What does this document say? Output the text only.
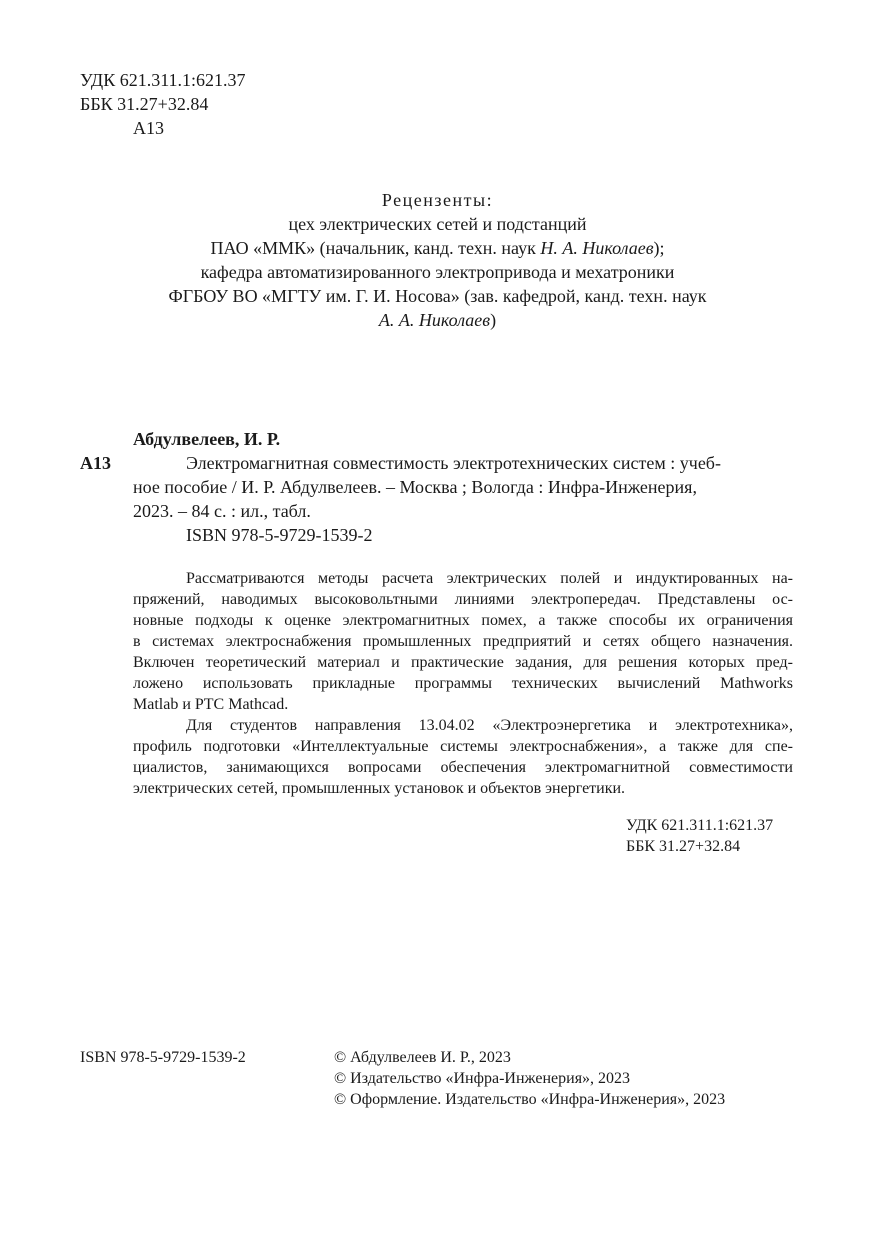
УДК 621.311.1:621.37
ББК 31.27+32.84
А13
Рецензенты:
цех электрических сетей и подстанций
ПАО «ММК» (начальник, канд. техн. наук Н. А. Николаев);
кафедра автоматизированного электропривода и мехатроники
ФГБОУ ВО «МГТУ им. Г. И. Носова» (зав. кафедрой, канд. техн. наук
А. А. Николаев)
Абдулвелеев, И. Р.
А13	Электромагнитная совместимость электротехнических систем : учеб-
ное пособие / И. Р. Абдулвелеев. – Москва ; Вологда : Инфра-Инженерия,
2023. – 84 с. : ил., табл.
ISBN 978-5-9729-1539-2
Рассматриваются методы расчета электрических полей и индуктированных на-
пряжений, наводимых высоковольтными линиями электропередач. Представлены ос-
новные подходы к оценке электромагнитных помех, а также способы их ограничения
в системах электроснабжения промышленных предприятий и сетях общего назначения.
Включен теоретический материал и практические задания, для решения которых пред-
ложено использовать прикладные программы технических вычислений Mathworks
Matlab и PTC Mathcad.
Для студентов направления 13.04.02 «Электроэнергетика и электротехника»,
профиль подготовки «Интеллектуальные системы электроснабжения», а также для спе-
циалистов, занимающихся вопросами обеспечения электромагнитной совместимости
электрических сетей, промышленных установок и объектов энергетики.
УДК 621.311.1:621.37
ББК 31.27+32.84
ISBN 978-5-9729-1539-2	© Абдулвелеев И. Р., 2023
© Издательство «Инфра-Инженерия», 2023
© Оформление. Издательство «Инфра-Инженерия», 2023
